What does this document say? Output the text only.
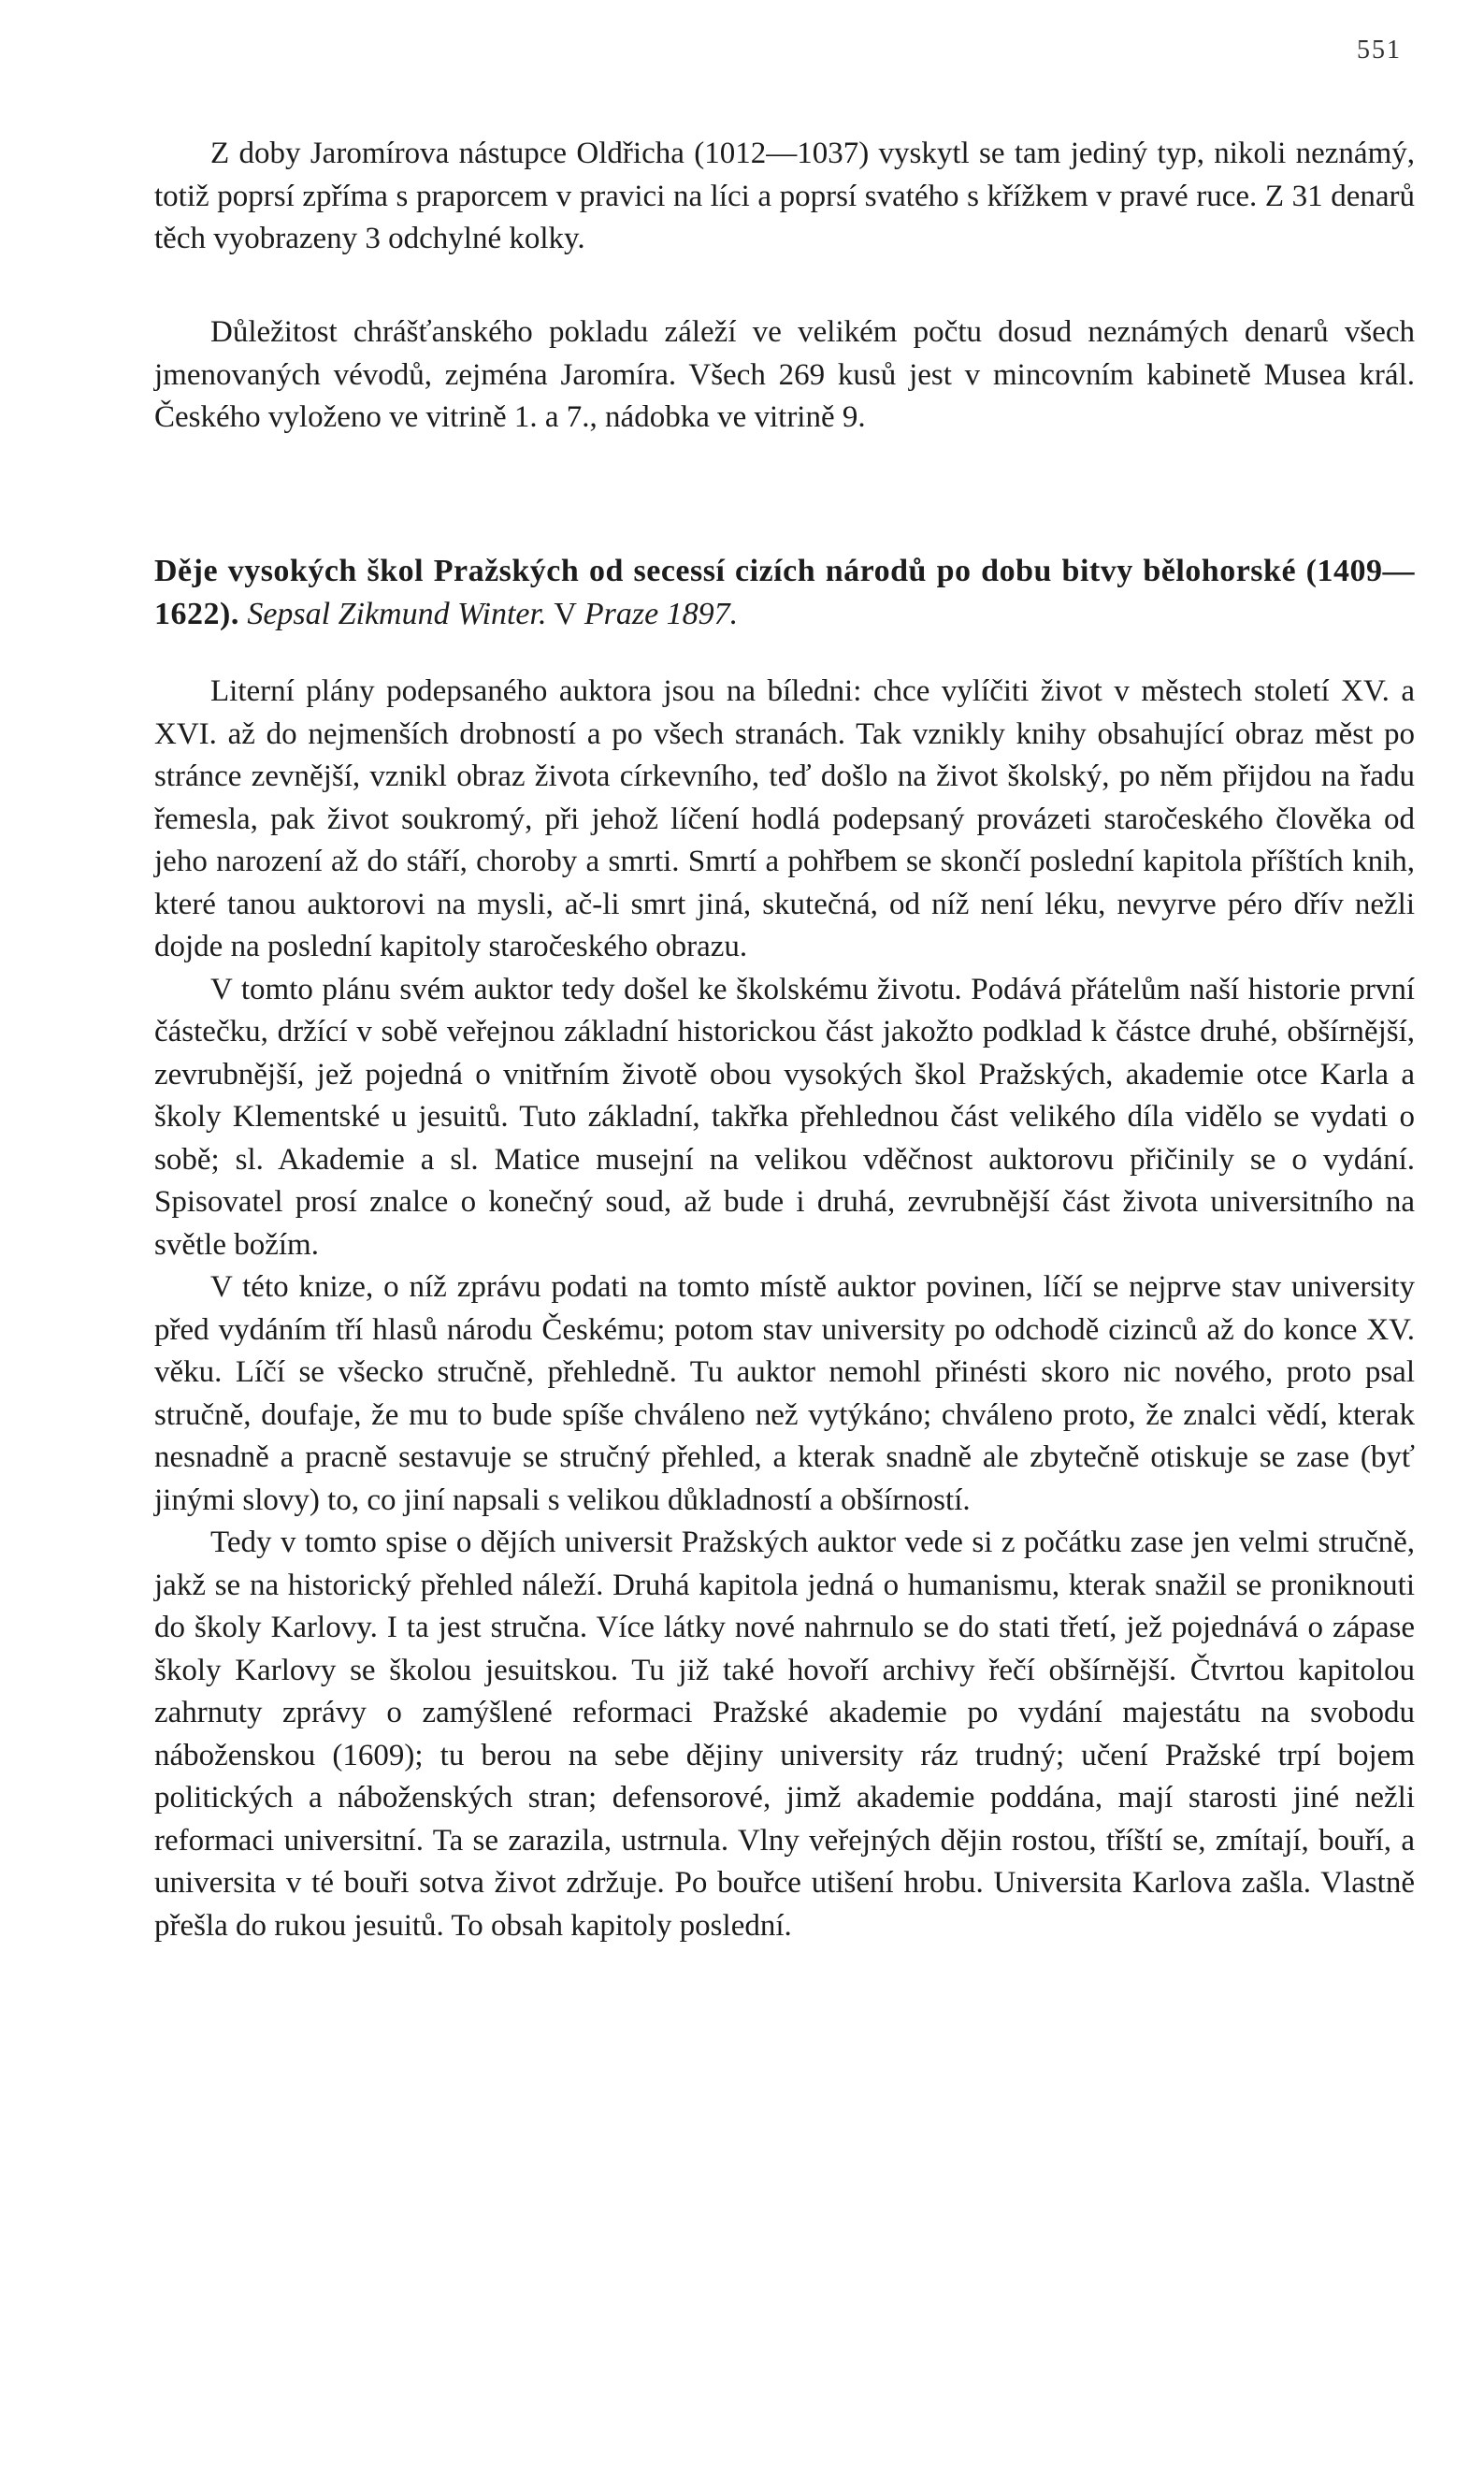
551

Z doby Jaromírova nástupce Oldřicha (1012—1037) vyskytl se tam jediný typ, nikoli neznámý, totiž poprsí zpříma s praporcem v pravici na líci a poprsí svatého s křížkem v pravé ruce. Z 31 denarů těch vyobrazeny 3 odchylné kolky.

Důležitost chrášťanského pokladu záleží ve velikém počtu dosud neznámých denarů všech jmenovaných vévodů, zejména Jaromíra. Všech 269 kusů jest v mincovním kabinetě Musea král. Českého vyloženo ve vitrině 1. a 7., nádobka ve vitrině 9.

Děje vysokých škol Pražských od secessí cizích národů po dobu bitvy bělohorské (1409—1622). Sepsal Zikmund Winter. V Praze 1897.

Literní plány podepsaného auktora jsou na bíledni: chce vylíčiti život v městech století XV. a XVI. až do nejmenších drobností a po všech stranách. Tak vznikly knihy obsahující obraz měst po stránce zevnější, vznikl obraz života církevního, teď došlo na život školský, po něm přijdou na řadu řemesla, pak život soukromý, při jehož líčení hodlá podepsaný provázeti staročeského člověka od jeho narození až do stáří, choroby a smrti. Smrtí a pohřbem se skončí poslední kapitola příštích knih, které tanou auktorovi na mysli, ač-li smrt jiná, skutečná, od níž není léku, nevyrve péro dřív nežli dojde na poslední kapitoly staročeského obrazu.

V tomto plánu svém auktor tedy došel ke školskému životu. Podává přátelům naší historie první částečku, držící v sobě veřejnou základní historickou část jakožto podklad k částce druhé, obšírnější, zevrubnější, jež pojedná o vnitřním životě obou vysokých škol Pražských, akademie otce Karla a školy Klementské u jesuitů. Tuto základní, takřka přehlednou část velikého díla vidělo se vydati o sobě; sl. Akademie a sl. Matice musejní na velikou vděčnost auktorovu přičinily se o vydání. Spisovatel prosí znalce o konečný soud, až bude i druhá, zevrubnější část života universitního na světle božím.

V této knize, o níž zprávu podati na tomto místě auktor povinen, líčí se nejprve stav university před vydáním tří hlasů národu Českému; potom stav university po odchodě cizinců až do konce XV. věku. Líčí se všecko stručně, přehledně. Tu auktor nemohl přinésti skoro nic nového, proto psal stručně, doufaje, že mu to bude spíše chváleno než vytýkáno; chváleno proto, že znalci vědí, kterak nesnadně a pracně sestavuje se stručný přehled, a kterak snadně ale zbytečně otiskuje se zase (byť jinými slovy) to, co jiní napsali s velikou důkladností a obšírností.

Tedy v tomto spise o dějích universit Pražských auktor vede si z počátku zase jen velmi stručně, jakž se na historický přehled náleží. Druhá kapitola jedná o humanismu, kterak snažil se proniknouti do školy Karlovy. I ta jest stručna. Více látky nové nahrnulo se do stati třetí, jež pojednává o zápase školy Karlovy se školou jesuitskou. Tu již také hovoří archivy řečí obšírnější. Čtvrtou kapitolou zahrnuty zprávy o zamýšlené reformaci Pražské akademie po vydání majestátu na svobodu náboženskou (1609); tu berou na sebe dějiny university ráz trudný; učení Pražské trpí bojem politických a náboženských stran; defensorové, jimž akademie poddána, mají starosti jiné nežli reformaci universitní. Ta se zarazila, ustrnula. Vlny veřejných dějin rostou, tříští se, zmítají, bouří, a universita v té bouři sotva život zdržuje. Po bouřce utišení hrobu. Universita Karlova zašla. Vlastně přešla do rukou jesuitů. To obsah kapitoly poslední.
